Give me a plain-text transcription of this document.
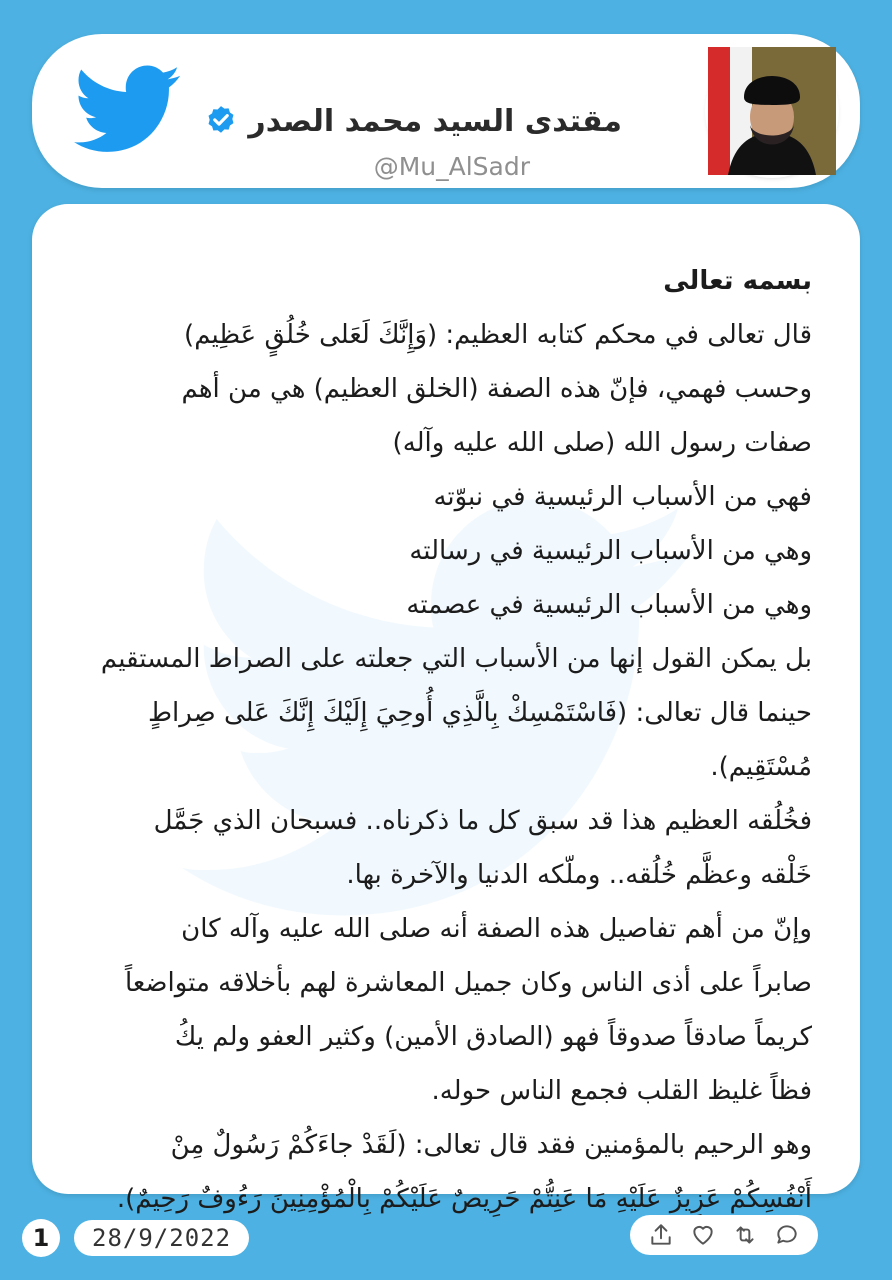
مقتدى السيد محمد الصدر
@Mu_AlSadr
بسمه تعالى
قال تعالى في محكم كتابه العظيم: (وَإِنَّكَ لَعَلى خُلُقٍ عَظِيم)
وحسب فهمي، فإنّ هذه الصفة (الخلق العظيم) هي من أهم
صفات رسول الله (صلى الله عليه وآله)
فهي من الأسباب الرئيسية في نبوّته
وهي من الأسباب الرئيسية في رسالته
وهي من الأسباب الرئيسية في عصمته
بل يمكن القول إنها من الأسباب التي جعلته على الصراط المستقيم
حينما قال تعالى: (فَاسْتَمْسِكْ بِالَّذِي أُوحِيَ إِلَيْكَ إِنَّكَ عَلى صِراطٍ
مُسْتَقِيم).
فخُلُقه العظيم هذا قد سبق كل ما ذكرناه.. فسبحان الذي جَمَّل
خَلْقه وعظَّم خُلُقه.. وملّكه الدنيا والآخرة بها.
وإنّ من أهم تفاصيل هذه الصفة أنه صلى الله عليه وآله كان
صابراً على أذى الناس وكان جميل المعاشرة لهم بأخلاقه متواضعاً
كريماً صادقاً صدوقاً فهو (الصادق الأمين) وكثير العفو ولم يكُ
فظاً غليظ القلب فجمع الناس حوله.
وهو الرحيم بالمؤمنين فقد قال تعالى: (لَقَدْ جاءَكُمْ رَسُولٌ مِنْ
أَنْفُسِكُمْ عَزِيزٌ عَلَيْهِ مَا عَنِتُّمْ حَرِيصٌ عَلَيْكُمْ بِالْمُؤْمِنِينَ رَءُوفٌ رَحِيمٌ).
1	28/9/2022
